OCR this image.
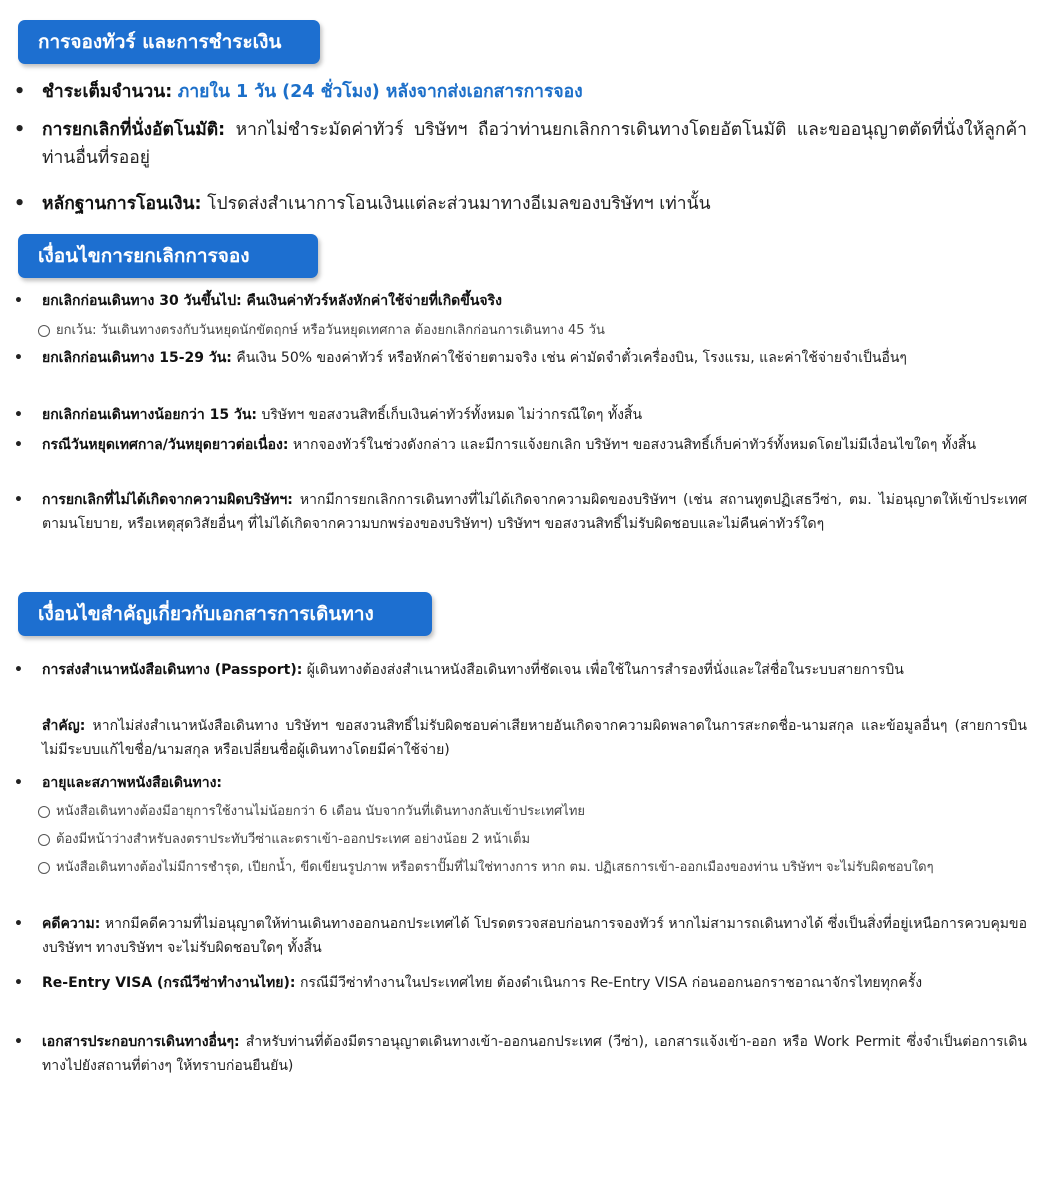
การจองทัวร์ และการชำระเงิน
• ชำระเต็มจำนวน: ภายใน 1 วัน (24 ชั่วโมง) หลังจากส่งเอกสารการจอง
• การยกเลิกที่นั่งอัตโนมัติ: หากไม่ชำระมัดค่าทัวร์ บริษัทฯ ถือว่าท่านยกเลิกการเดินทางโดยอัตโนมัติ และขออนุญาตตัดที่นั่งให้ลูกค้าท่านอื่นที่รออยู่
• หลักฐานการโอนเงิน: โปรดส่งสำเนาการโอนเงินแต่ละส่วนมาทางอีเมลของบริษัทฯ เท่านั้น
เงื่อนไขการยกเลิกการจอง
• ยกเลิกก่อนเดินทาง 30 วันขึ้นไป: คืนเงินค่าทัวร์หลังหักค่าใช้จ่ายที่เกิดขึ้นจริง
ยกเว้น: วันเดินทางตรงกับวันหยุดนักขัตฤกษ์ หรือวันหยุดเทศกาล ต้องยกเลิกก่อนการเดินทาง 45 วัน
• ยกเลิกก่อนเดินทาง 15-29 วัน: คืนเงิน 50% ของค่าทัวร์ หรือหักค่าใช้จ่ายตามจริง เช่น ค่ามัดจำตั๋วเครื่องบิน, โรงแรม, และค่าใช้จ่ายจำเป็นอื่นๆ
• ยกเลิกก่อนเดินทางน้อยกว่า 15 วัน: บริษัทฯ ขอสงวนสิทธิ์เก็บเงินค่าทัวร์ทั้งหมด ไม่ว่ากรณีใดๆ ทั้งสิ้น
• กรณีวันหยุดเทศกาล/วันหยุดยาวต่อเนื่อง: หากจองทัวร์ในช่วงดังกล่าว และมีการแจ้งยกเลิก บริษัทฯ ขอสงวนสิทธิ์เก็บค่าทัวร์ทั้งหมดโดยไม่มีเงื่อนไขใดๆ ทั้งสิ้น
• การยกเลิกที่ไม่ได้เกิดจากความผิดบริษัทฯ: หากมีการยกเลิกการเดินทางที่ไม่ได้เกิดจากความผิดของบริษัทฯ (เช่น สถานทูตปฏิเสธวีซ่า, ตม. ไม่อนุญาตให้เข้าประเทศตามนโยบาย, หรือเหตุสุดวิสัยอื่นๆ ที่ไม่ได้เกิดจากความบกพร่องของบริษัทฯ) บริษัทฯ ขอสงวนสิทธิ์ไม่รับผิดชอบและไม่คืนค่าทัวร์ใดๆ
เงื่อนไขสำคัญเกี่ยวกับเอกสารการเดินทาง
• การส่งสำเนาหนังสือเดินทาง (Passport): ผู้เดินทางต้องส่งสำเนาหนังสือเดินทางที่ชัดเจน เพื่อใช้ในการสำรองที่นั่งและใส่ชื่อในระบบสายการบิน
สำคัญ: หากไม่ส่งสำเนาหนังสือเดินทาง บริษัทฯ ขอสงวนสิทธิ์ไม่รับผิดชอบค่าเสียหายอันเกิดจากความผิดพลาดในการสะกดชื่อ-นามสกุล และข้อมูลอื่นๆ (สายการบินไม่มีระบบแก้ไขชื่อ/นามสกุล หรือเปลี่ยนชื่อผู้เดินทางโดยมีค่าใช้จ่าย)
• อายุและสภาพหนังสือเดินทาง:
หนังสือเดินทางต้องมีอายุการใช้งานไม่น้อยกว่า 6 เดือน นับจากวันที่เดินทางกลับเข้าประเทศไทย
ต้องมีหน้าว่างสำหรับลงตราประทับวีซ่าและตราเข้า-ออกประเทศ อย่างน้อย 2 หน้าเต็ม
หนังสือเดินทางต้องไม่มีการชำรุด, เปียกน้ำ, ขีดเขียนรูปภาพ หรือตราปั๊มที่ไม่ใช่ทางการ หาก ตม. ปฏิเสธการเข้า-ออกเมืองของท่าน บริษัทฯ จะไม่รับผิดชอบใดๆ
• คดีความ: หากมีคดีความที่ไม่อนุญาตให้ท่านเดินทางออกนอกประเทศได้ โปรดตรวจสอบก่อนการจองทัวร์ หากไม่สามารถเดินทางได้ ซึ่งเป็นสิ่งที่อยู่เหนือการควบคุมของบริษัทฯ ทางบริษัทฯ จะไม่รับผิดชอบใดๆ ทั้งสิ้น
• Re-Entry VISA (กรณีวีซ่าทำงานไทย): กรณีมีวีซ่าทำงานในประเทศไทย ต้องดำเนินการ Re-Entry VISA ก่อนออกนอกราชอาณาจักรไทยทุกครั้ง
• เอกสารประกอบการเดินทางอื่นๆ: สำหรับท่านที่ต้องมีตราอนุญาตเดินทางเข้า-ออกนอกประเทศ (วีซ่า), เอกสารแจ้งเข้า-ออก หรือ Work Permit ซึ่งจำเป็นต่อการเดินทางไปยังสถานที่ต่างๆ ให้ทราบก่อนยืนยัน)
